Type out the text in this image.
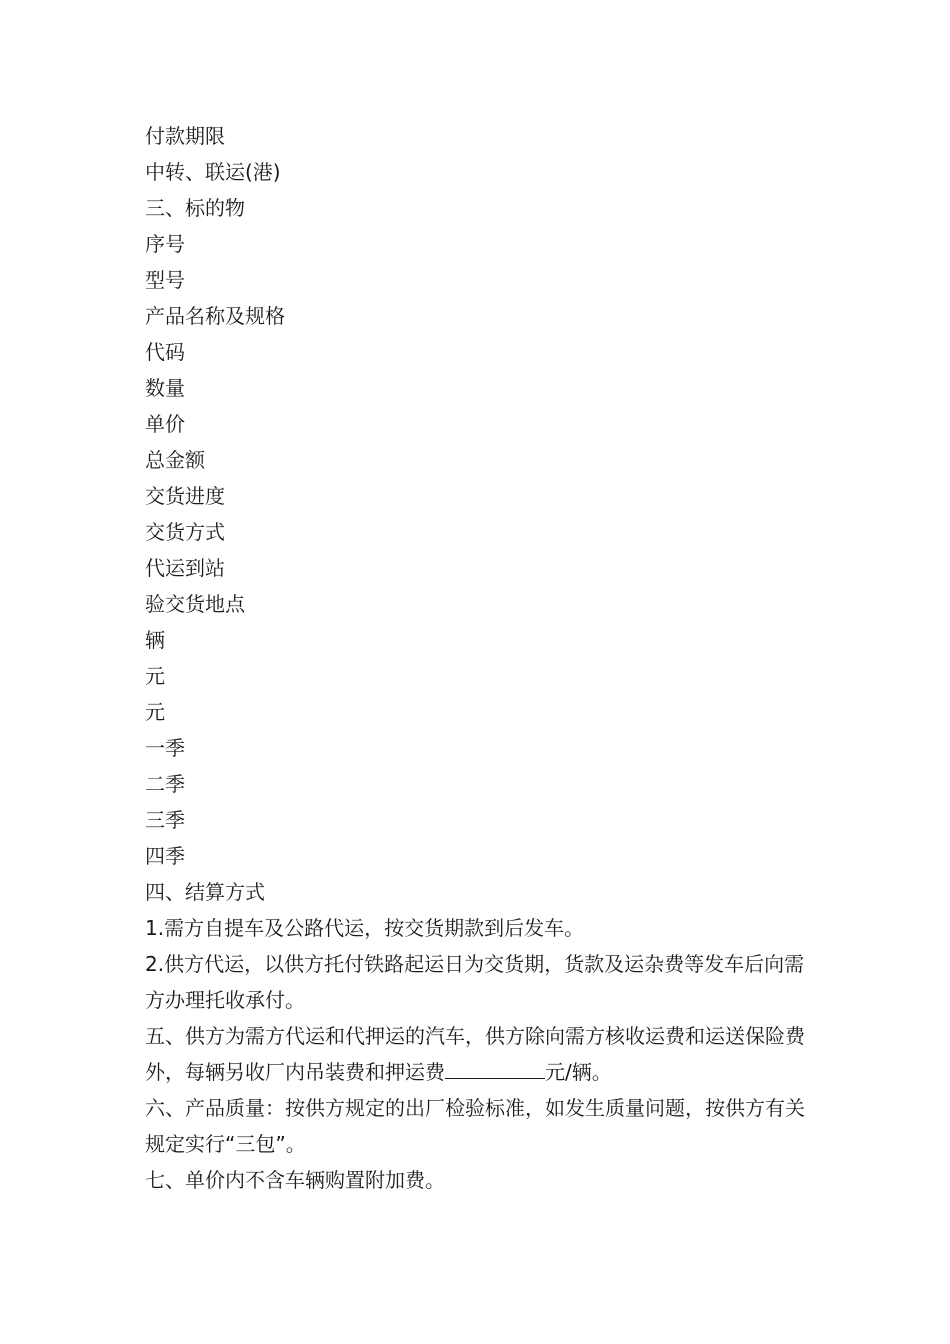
付款期限
中转、联运(港)
三、标的物
序号
型号
产品名称及规格
代码
数量
单价
总金额
交货进度
交货方式
代运到站
验交货地点
辆
元
元
一季
二季
三季
四季
四、结算方式
1.需方自提车及公路代运，按交货期款到后发车。

2.供方代运，以供方托付铁路起运日为交货期，货款及运杂费等发车后向需方办理托收承付。

五、供方为需方代运和代押运的汽车，供方除向需方核收运费和运送保险费外，每辆另收厂内吊装费和押运费	元/辆。

六、产品质量：按供方规定的出厂检验标准，如发生质量问题，按供方有关规定实行“三包”。

七、单价内不含车辆购置附加费。
